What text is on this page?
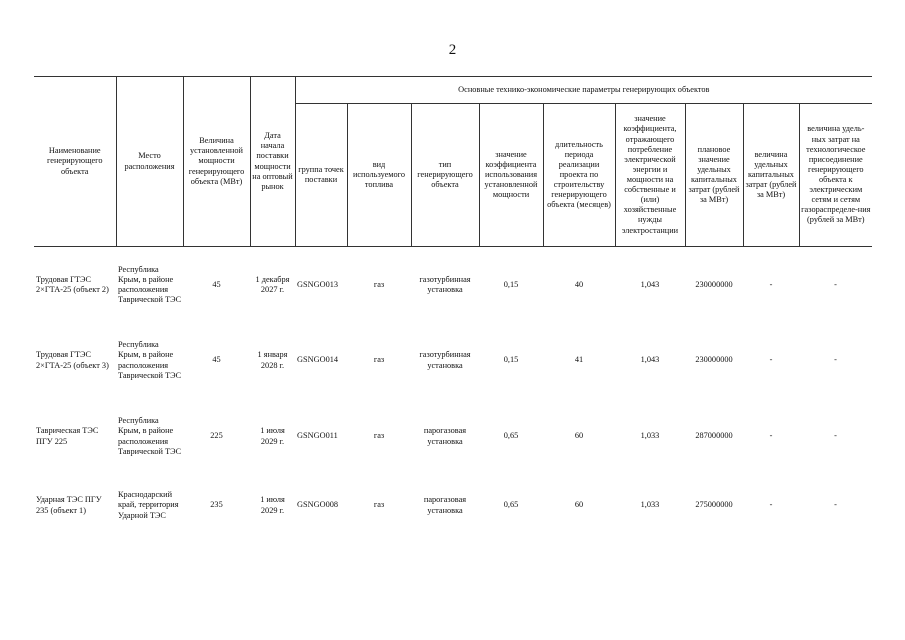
2
Наименование генерирующего объекта	Место расположения	Величина установленной мощности генерирующего объекта (МВт)	Дата начала поставки мощности на оптовый рынок	Основные технико-экономические параметры генерирующих объектов								
				группа точек поставки	вид используемого топлива	тип генерирующего объекта	значение коэффициента использования установленной мощности	длительность периода реализации проекта по строительству генерирующего объекта (месяцев)	значение коэффициента, отражающего потребление электрической энергии и мощности на собственные и (или) хозяйственные нужды электростанции	плановое значение удельных капитальных затрат (рублей за МВт)	величина удельных капитальных затрат (рублей за МВт)	величина удель-ных затрат на технологическое присоединение генерирующего объекта к электрическим сетям и сетям газораспределе-ния (рублей за МВт)
Трудовая ГТЭС 2×ГТА-25 (объект 2)	Республика Крым, в районе расположения Таврической ТЭС	45	1 декабря 2027 г.	GSNGO013	газ	газотурбинная установка	0,15	40	1,043	230000000	-	-
Трудовая ГТЭС 2×ГТА-25 (объект 3)	Республика Крым, в районе расположения Таврической ТЭС	45	1 января 2028 г.	GSNGO014	газ	газотурбинная установка	0,15	41	1,043	230000000	-	-
Таврическая ТЭС ПГУ 225	Республика Крым, в районе расположения Таврической ТЭС	225	1 июля 2029 г.	GSNGO011	газ	парогазовая установка	0,65	60	1,033	287000000	-	-
Ударная ТЭС ПГУ 235 (объект 1)	Краснодарский край, территория Ударной ТЭС	235	1 июля 2029 г.	GSNGO008	газ	парогазовая установка	0,65	60	1,033	275000000	-	-
